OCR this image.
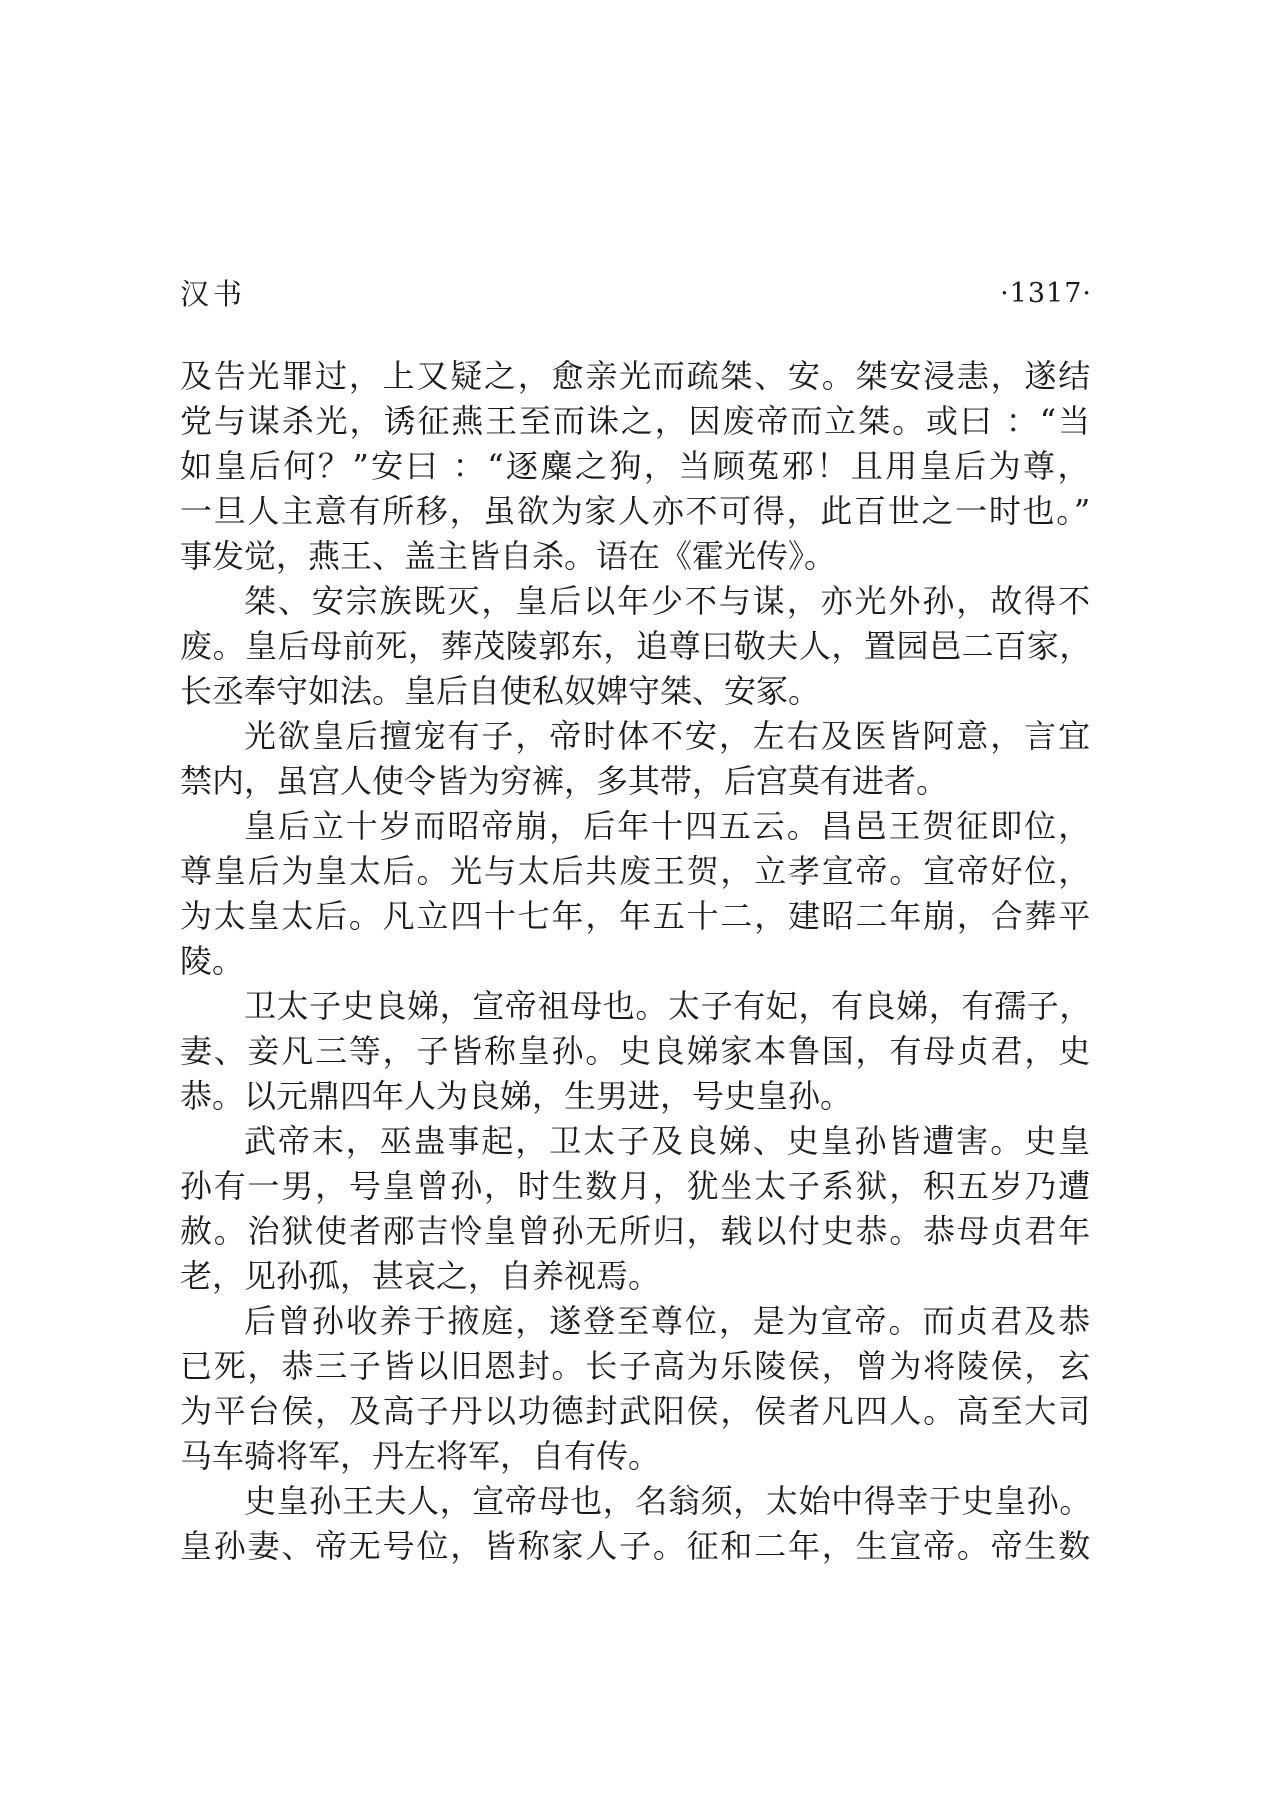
汉书	·1317·
及告光罪过，上又疑之，愈亲光而疏桀、安。桀安浸恚，遂结
党与谋杀光，诱征燕王至而诛之，因废帝而立桀。或曰 ：“当
如皇后何？”安曰 ：“逐麋之狗，当顾菟邪！且用皇后为尊，
一旦人主意有所移，虽欲为家人亦不可得，此百世之一时也。”
事发觉，燕王、盖主皆自杀。语在《霍光传》。
桀、安宗族既灭，皇后以年少不与谋，亦光外孙，故得不
废。皇后母前死，葬茂陵郭东，追尊曰敬夫人，置园邑二百家，
长丞奉守如法。皇后自使私奴婢守桀、安冢。
光欲皇后擅宠有子，帝时体不安，左右及医皆阿意，言宜
禁内，虽宫人使令皆为穷裤，多其带，后宫莫有进者。
皇后立十岁而昭帝崩，后年十四五云。昌邑王贺征即位，
尊皇后为皇太后。光与太后共废王贺，立孝宣帝。宣帝好位，
为太皇太后。凡立四十七年，年五十二，建昭二年崩，合葬平
陵。
卫太子史良娣，宣帝祖母也。太子有妃，有良娣，有孺子，
妻、妾凡三等，子皆称皇孙。史良娣家本鲁国，有母贞君，史
恭。以元鼎四年人为良娣，生男进，号史皇孙。
武帝末，巫蛊事起，卫太子及良娣、史皇孙皆遭害。史皇
孙有一男，号皇曾孙，时生数月，犹坐太子系狱，积五岁乃遭
赦。治狱使者邴吉怜皇曾孙无所归，载以付史恭。恭母贞君年
老，见孙孤，甚哀之，自养视焉。
后曾孙收养于掖庭，遂登至尊位，是为宣帝。而贞君及恭
已死，恭三子皆以旧恩封。长子高为乐陵侯，曾为将陵侯，玄
为平台侯，及高子丹以功德封武阳侯，侯者凡四人。高至大司
马车骑将军，丹左将军，自有传。
史皇孙王夫人，宣帝母也，名翁须，太始中得幸于史皇孙。
皇孙妻、帝无号位，皆称家人子。征和二年，生宣帝。帝生数
